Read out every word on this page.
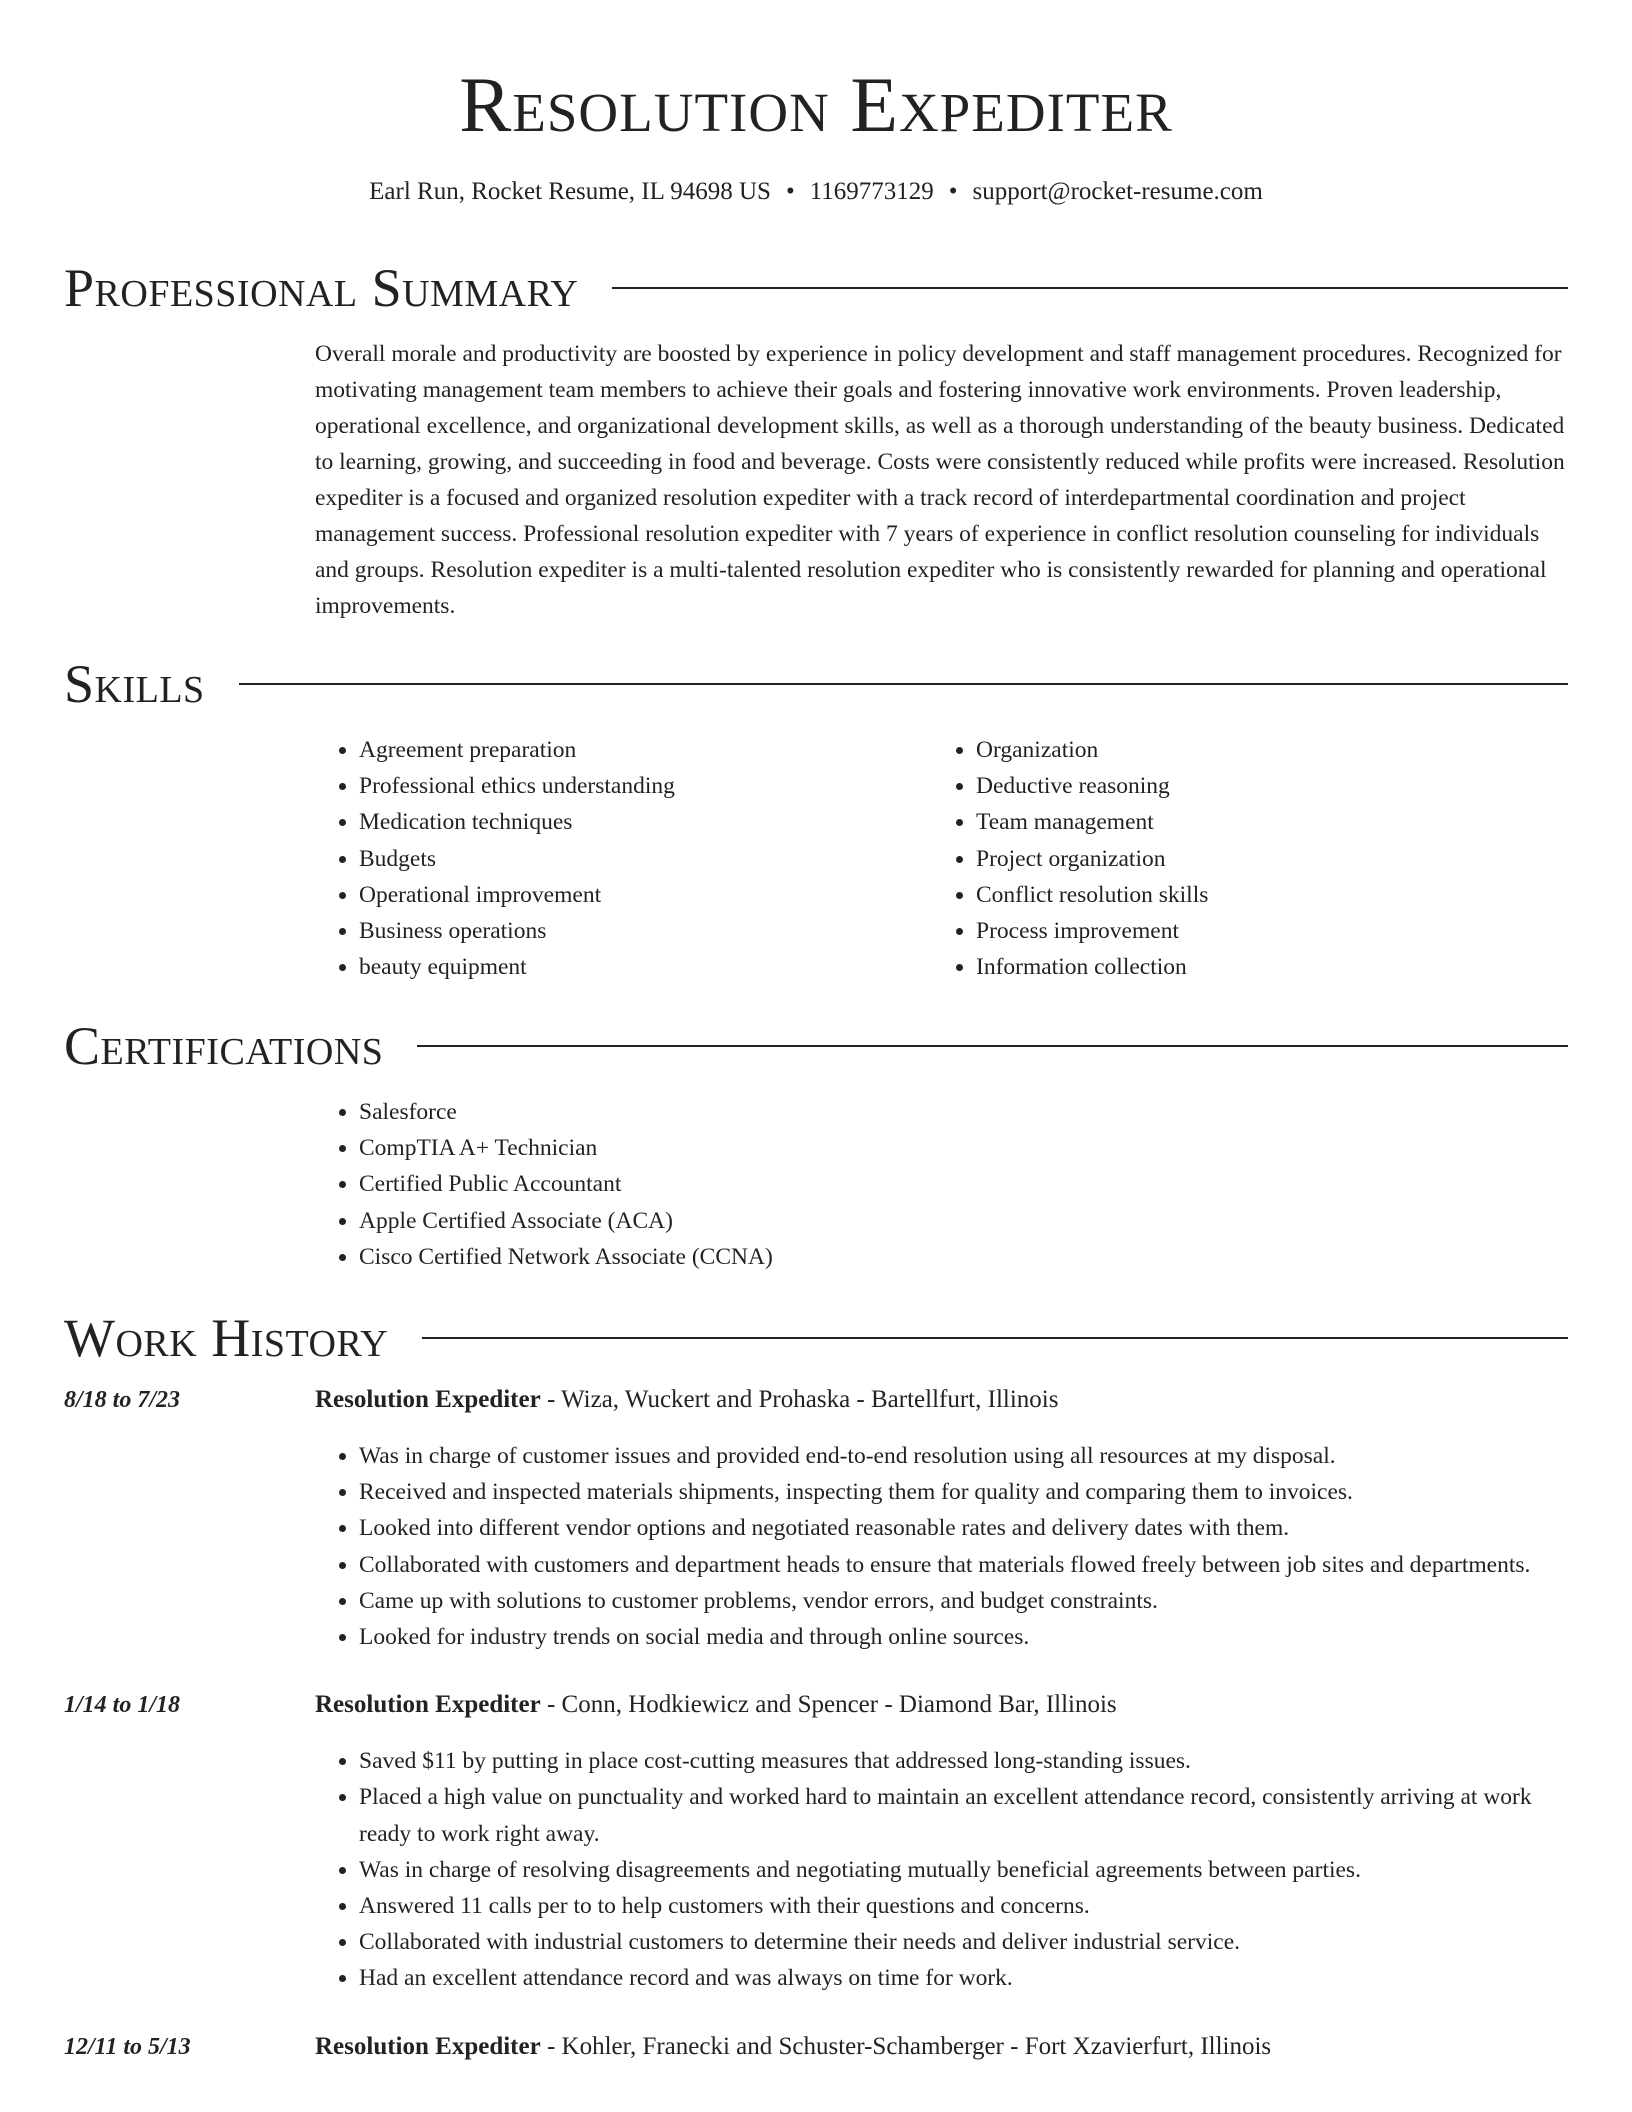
Resolution Expediter
Earl Run, Rocket Resume, IL 94698 US • 1169773129 • support@rocket-resume.com
Professional Summary
Overall morale and productivity are boosted by experience in policy development and staff management procedures. Recognized for motivating management team members to achieve their goals and fostering innovative work environments. Proven leadership, operational excellence, and organizational development skills, as well as a thorough understanding of the beauty business. Dedicated to learning, growing, and succeeding in food and beverage. Costs were consistently reduced while profits were increased. Resolution expediter is a focused and organized resolution expediter with a track record of interdepartmental coordination and project management success. Professional resolution expediter with 7 years of experience in conflict resolution counseling for individuals and groups. Resolution expediter is a multi-talented resolution expediter who is consistently rewarded for planning and operational improvements.
Skills
• Agreement preparation
• Professional ethics understanding
• Medication techniques
• Budgets
• Operational improvement
• Business operations
• beauty equipment
• Organization
• Deductive reasoning
• Team management
• Project organization
• Conflict resolution skills
• Process improvement
• Information collection
Certifications
• Salesforce
• CompTIA A+ Technician
• Certified Public Accountant
• Apple Certified Associate (ACA)
• Cisco Certified Network Associate (CCNA)
Work History
8/18 to 7/23	Resolution Expediter - Wiza, Wuckert and Prohaska - Bartellfurt, Illinois
• Was in charge of customer issues and provided end-to-end resolution using all resources at my disposal.
• Received and inspected materials shipments, inspecting them for quality and comparing them to invoices.
• Looked into different vendor options and negotiated reasonable rates and delivery dates with them.
• Collaborated with customers and department heads to ensure that materials flowed freely between job sites and departments.
• Came up with solutions to customer problems, vendor errors, and budget constraints.
• Looked for industry trends on social media and through online sources.
1/14 to 1/18	Resolution Expediter - Conn, Hodkiewicz and Spencer - Diamond Bar, Illinois
• Saved $11 by putting in place cost-cutting measures that addressed long-standing issues.
• Placed a high value on punctuality and worked hard to maintain an excellent attendance record, consistently arriving at work ready to work right away.
• Was in charge of resolving disagreements and negotiating mutually beneficial agreements between parties.
• Answered 11 calls per to to help customers with their questions and concerns.
• Collaborated with industrial customers to determine their needs and deliver industrial service.
• Had an excellent attendance record and was always on time for work.
12/11 to 5/13	Resolution Expediter - Kohler, Franecki and Schuster-Schamberger - Fort Xzavierfurt, Illinois
